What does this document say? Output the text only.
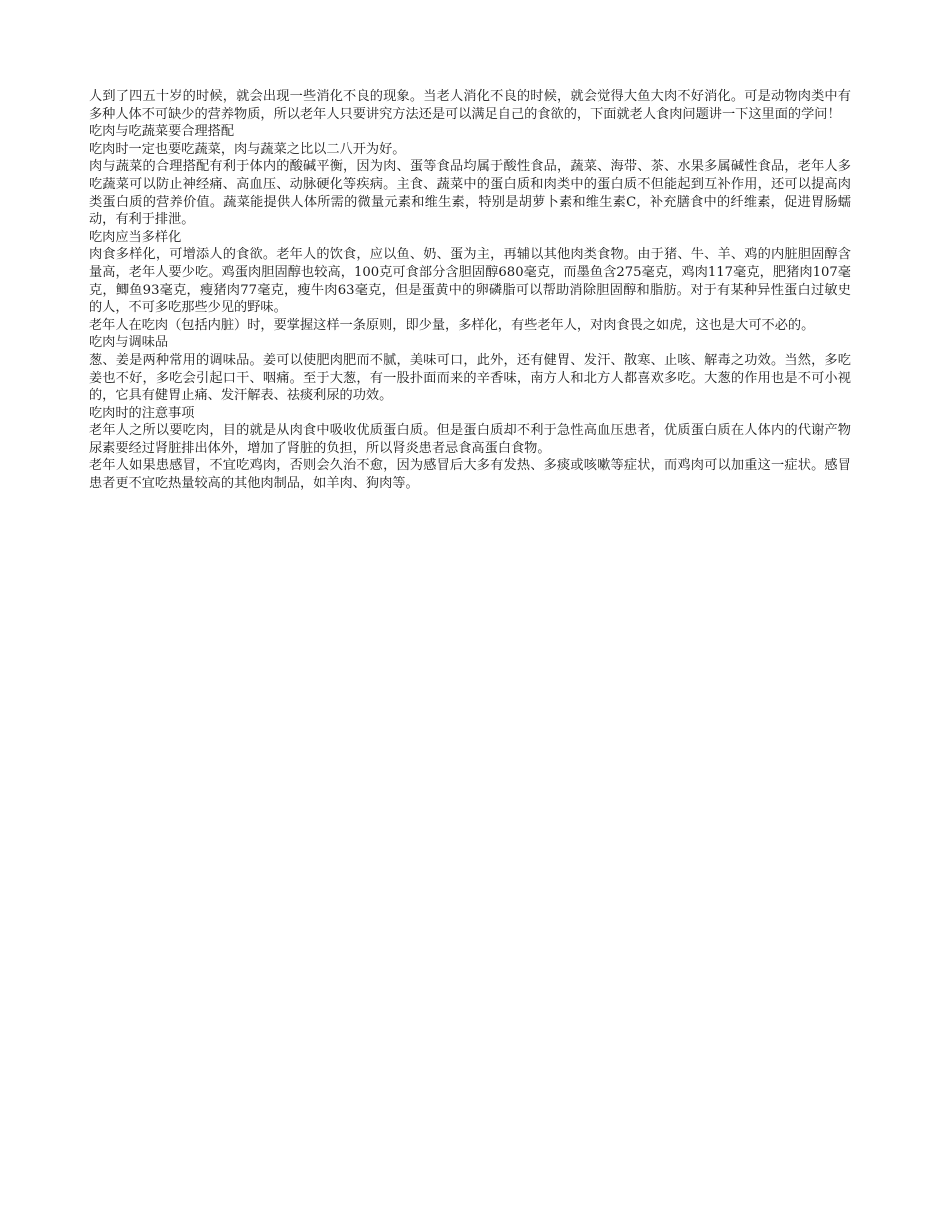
人到了四五十岁的时候，就会出现一些消化不良的现象。当老人消化不良的时候，就会觉得大鱼大肉不好消化。可是动物肉类中有多种人体不可缺少的营养物质，所以老年人只要讲究方法还是可以满足自己的食欲的，下面就老人食肉问题讲一下这里面的学问！

吃肉与吃蔬菜要合理搭配

吃肉时一定也要吃蔬菜，肉与蔬菜之比以二八开为好。

肉与蔬菜的合理搭配有利于体内的酸碱平衡，因为肉、蛋等食品均属于酸性食品，蔬菜、海带、茶、水果多属碱性食品，老年人多吃蔬菜可以防止神经痛、高血压、动脉硬化等疾病。主食、蔬菜中的蛋白质和肉类中的蛋白质不但能起到互补作用，还可以提高肉类蛋白质的营养价值。蔬菜能提供人体所需的微量元素和维生素，特别是胡萝卜素和维生素C，补充膳食中的纤维素，促进胃肠蠕动，有利于排泄。

吃肉应当多样化

肉食多样化，可增添人的食欲。老年人的饮食，应以鱼、奶、蛋为主，再辅以其他肉类食物。由于猪、牛、羊、鸡的内脏胆固醇含量高，老年人要少吃。鸡蛋肉胆固醇也较高，100克可食部分含胆固醇680毫克，而墨鱼含275毫克，鸡肉117毫克，肥猪肉107毫克，鲫鱼93毫克，瘦猪肉77毫克，瘦牛肉63毫克，但是蛋黄中的卵磷脂可以帮助消除胆固醇和脂肪。对于有某种异性蛋白过敏史的人，不可多吃那些少见的野味。

老年人在吃肉（包括内脏）时，要掌握这样一条原则，即少量，多样化，有些老年人，对肉食畏之如虎，这也是大可不必的。

吃肉与调味品

葱、姜是两种常用的调味品。姜可以使肥肉肥而不腻，美味可口，此外，还有健胃、发汗、散寒、止咳、解毒之功效。当然，多吃姜也不好，多吃会引起口干、咽痛。至于大葱，有一股扑面而来的辛香味，南方人和北方人都喜欢多吃。大葱的作用也是不可小视的，它具有健胃止痛、发汗解表、祛痰利尿的功效。

吃肉时的注意事项

老年人之所以要吃肉，目的就是从肉食中吸收优质蛋白质。但是蛋白质却不利于急性高血压患者，优质蛋白质在人体内的代谢产物尿素要经过肾脏排出体外，增加了肾脏的负担，所以肾炎患者忌食高蛋白食物。

老年人如果患感冒，不宜吃鸡肉，否则会久治不愈，因为感冒后大多有发热、多痰或咳嗽等症状，而鸡肉可以加重这一症状。感冒患者更不宜吃热量较高的其他肉制品，如羊肉、狗肉等。
